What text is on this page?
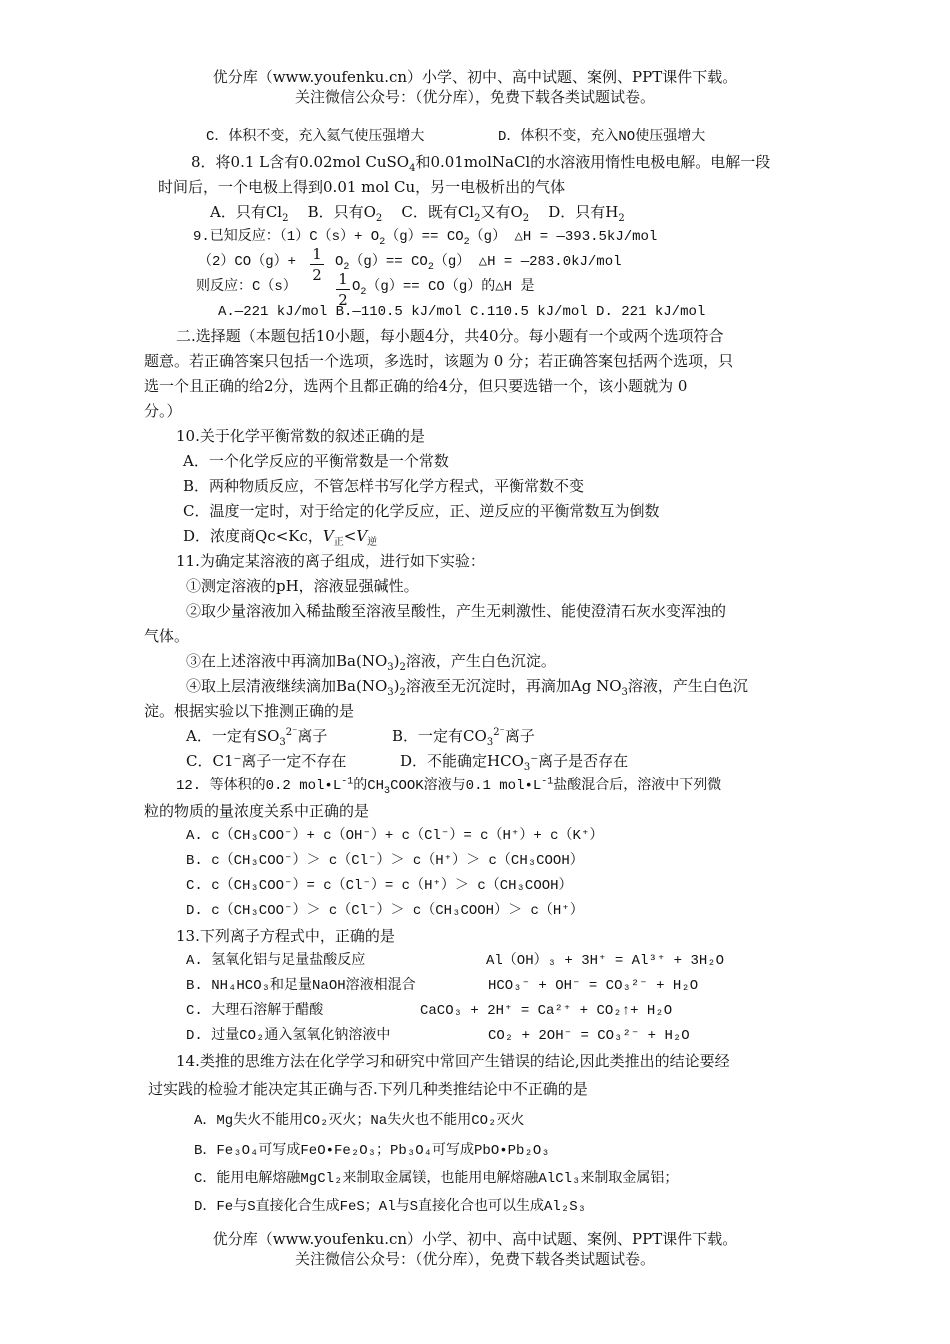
优分库（www.youfenku.cn）小学、初中、高中试题、案例、PPT课件下载。
关注微信公众号：（优分库），免费下载各类试题试卷。
C．体积不变，充入氦气使压强增大	D．体积不变，充入NO使压强增大
8．将0.1 L含有0.02mol CuSO$_4$和0.01molNaCl的水溶液用惰性电极电解。电解一段
时间后，一个电极上得到0.01 mol Cu，另一电极析出的气体
A．只有$Cl_2$ B．只有$O_2$ C．既有$Cl_2$又有$O_2$ D．只有$H_2$
9.已知反应：$(1)C(s)+ O_2(g)== CO_2(g)$ △H = —393.5kJ/mol
（2）CO（g）+ 1
2
$O_2(g)== CO_2(g)$ △H = —283.0kJ/mol
则反应：C（s）	1
2
$O_2(g)== CO(g)$的△H 是
A.—221 kJ/mol B.—110.5 kJ/mol C.110.5 kJ/mol D. 221 kJ/mol
二.选择题（本题包括10小题，每小题4分，共40分。每小题有一个或两个选项符合
题意。若正确答案只包括一个选项，多选时，该题为 0 分；若正确答案包括两个选项，只
选一个且正确的给2分，选两个且都正确的给4分，但只要选错一个，该小题就为 0
分。）
10.关于化学平衡常数的叙述正确的是
A．一个化学反应的平衡常数是一个常数
B．两种物质反应，不管怎样书写化学方程式，平衡常数不变
C．温度一定时，对于给定的化学反应，正、逆反应的平衡常数互为倒数
D．浓度商Qc<Kc，$V_正<V_逆$
11.为确定某溶液的离子组成，进行如下实验：
①测定溶液的pH，溶液显强碱性。
②取少量溶液加入稀盐酸至溶液呈酸性，产生无刺激性、能使澄清石灰水变浑浊的
气体。
③在上述溶液中再滴加$Ba(NO_3)_2$溶液，产生白色沉淀。
④取上层清液继续滴加$Ba(NO_3)_2$溶液至无沉淀时，再滴加Ag $NO_3$溶液，产生白色沉
淀。根据实验以下推测正确的是
A．一定有$SO_3^{2^-}$离子	B．一定有$CO_3^{2^-}$离子
C．C1⁻离子一定不存在	D．不能确定$HCO_3^-$离子是否存在
12. 等体积的0.2 $mol•L^{-1}$的$CH_3COOK$溶液与0.1 $mol•L^{-1}$盐酸混合后，溶液中下列微
粒的物质的量浓度关系中正确的是
A. c（CH₃COO⁻）+ c（OH⁻）+ c（Cl⁻）= c（H⁺）+ c（K⁺）
B. c（CH₃COO⁻）＞ c（Cl⁻）＞ c（H⁺）＞ c（CH₃COOH）
C. c（CH₃COO⁻）= c（Cl⁻）= c（H⁺）＞ c（CH₃COOH）
D. c（CH₃COO⁻）＞ c（Cl⁻）＞ c（CH₃COOH）＞ c（H⁺）
13.下列离子方程式中，正确的是
A. 氢氧化铝与足量盐酸反应	Al（OH）₃ + 3H⁺ = Al³⁺ + 3H₂O
B. NH₄HCO₃和足量NaOH溶液相混合	HCO₃⁻ + OH⁻ = CO₃²⁻ + H₂O
C. 大理石溶解于醋酸	CaCO₃ + 2H⁺ = Ca²⁺ + CO₂↑+ H₂O
D. 过量CO₂通入氢氧化钠溶液中	CO₂ + 2OH⁻ = CO₃²⁻ + H₂O
14.类推的思维方法在化学学习和研究中常回产生错误的结论,因此类推出的结论要经
过实践的检验才能决定其正确与否.下列几种类推结论中不正确的是
A．Mg失火不能用CO₂灭火；Na失火也不能用CO₂灭火
B．Fe₃O₄可写成FeO•Fe₂O₃；Pb₃O₄可写成PbO•Pb₂O₃
C．能用电解熔融MgCl₂来制取金属镁，也能用电解熔融AlCl₃来制取金属铝；
D．Fe与S直接化合生成FeS；Al与S直接化合也可以生成Al₂S₃
优分库（www.youfenku.cn）小学、初中、高中试题、案例、PPT课件下载。
关注微信公众号：（优分库），免费下载各类试题试卷。
